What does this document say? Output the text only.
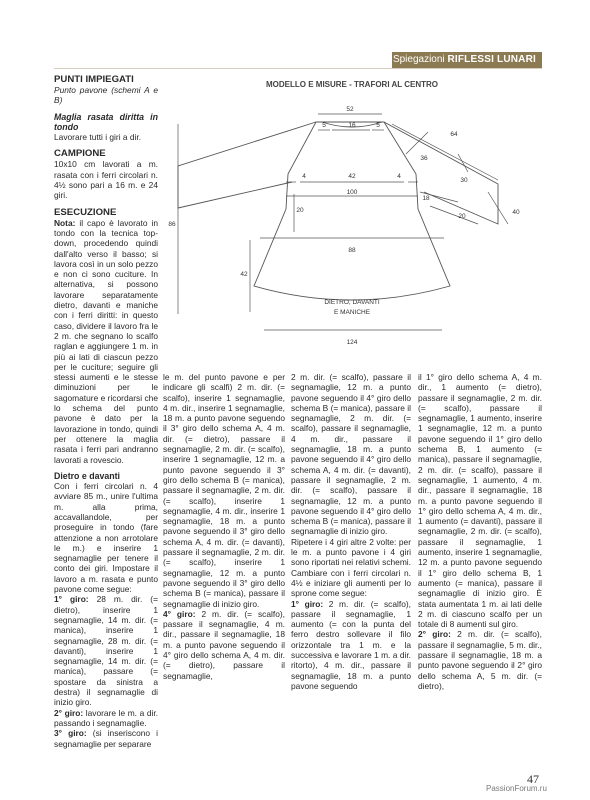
Spiegazioni RIFLESSI LUNARI

PUNTI IMPIEGATI

Punto pavone (schemi A e B)

Maglia rasata diritta in tondo

Lavorare tutti i giri a dir.

CAMPIONE

10x10 cm lavorati a m. rasata con i ferri circolari n. 4½ sono pari a 16 m. e 24 giri.

ESECUZIONE

Nota: il capo è lavorato in tondo con la tecnica top-down, procedendo quindi dall'alto verso il basso; si lavora così in un solo pezzo e non ci sono cuciture. In alternativa, si possono lavorare separatamente dietro, davanti e maniche con i ferri diritti: in questo caso, dividere il lavoro fra le 2 m. che segnano lo scalfo raglan e aggiungere 1 m. in più ai lati di ciascun pezzo per le cuciture; seguire gli stessi aumenti e le stesse diminuzioni per le sagomature e ricordarsi che lo schema del punto pavone è dato per la lavorazione in tondo, quindi per ottenere la maglia rasata i ferri pari andranno lavorati a rovescio.

Dietro e davanti

Con i ferri circolari n. 4 avviare 85 m., unire l'ultima m. alla prima, accavallandole, per proseguire in tondo (fare attenzione a non arrotolare le m.) e inserire 1 segnamaglie per tenere il conto dei giri. Impostare il lavoro a m. rasata e punto pavone come segue:

1° giro: 28 m. dir. (= dietro), inserire 1 segnamaglie, 14 m. dir. (= manica), inserire 1 segnamaglie, 28 m. dir. (= davanti), inserire 1 segnamaglie, 14 m. dir. (= manica), passare (= spostare da sinistra a destra) il segnamaglie di inizio giro.

2° giro: lavorare le m. a dir. passando i segnamaglie.

3° giro: (si inseriscono i segnamaglie per separare

MODELLO E MISURE - TRAFORI AL CENTRO
52
5	16	5
64
36
4	42	4
30
100
18
20
20
40
86
88
42
124
DIETRO, DAVANTI
E MANICHE

le m. del punto pavone e per indicare gli scalfi) 2 m. dir. (= scalfo), inserire 1 segnamaglie, 4 m. dir., inserire 1 segnamaglie, 18 m. a punto pavone seguendo il 3° giro dello schema A, 4 m. dir. (= dietro), passare il segnamaglie, 2 m. dir. (= scalfo), inserire 1 segnamaglie, 12 m. a punto pavone seguendo il 3° giro dello schema B (= manica), passare il segnamaglie, 2 m. dir. (= scalfo), inserire 1 segnamaglie, 4 m. dir., inserire 1 segnamaglie, 18 m. a punto pavone seguendo il 3° giro dello schema A, 4 m. dir. (= davanti), passare il segnamaglie, 2 m. dir. (= scalfo), inserire 1 segnamaglie, 12 m. a punto pavone seguendo il 3° giro dello schema B (= manica), passare il segnamaglie di inizio giro.

4° giro: 2 m. dir. (= scalfo), passare il segnamaglie, 4 m. dir., passare il segnamaglie, 18 m. a punto pavone seguendo il 4° giro dello schema A, 4 m. dir. (= dietro), passare il segnamaglie,

2 m. dir. (= scalfo), passare il segnamaglie, 12 m. a punto pavone seguendo il 4° giro dello schema B (= manica), passare il segnamaglie, 2 m. dir. (= scalfo), passare il segnamaglie, 4 m. dir., passare il segnamaglie, 18 m. a punto pavone seguendo il 4° giro dello schema A, 4 m. dir. (= davanti), passare il segnamaglie, 2 m. dir. (= scalfo), passare il segnamaglie, 12 m. a punto pavone seguendo il 4° giro dello schema B (= manica), passare il segnamaglie di inizio giro.

Ripetere i 4 giri altre 2 volte: per le m. a punto pavone i 4 giri sono riportati nei relativi schemi. Cambiare con i ferri circolari n. 4½ e iniziare gli aumenti per lo sprone come segue:

1° giro: 2 m. dir. (= scalfo), passare il segnamaglie, 1 aumento (= con la punta del ferro destro sollevare il filo orizzontale tra 1 m. e la successiva e lavorare 1 m. a dir. ritorto), 4 m. dir., passare il segnamaglie, 18 m. a punto pavone seguendo

il 1° giro dello schema A, 4 m. dir., 1 aumento (= dietro), passare il segnamaglie, 2 m. dir. (= scalfo), passare il segnamaglie, 1 aumento, inserire 1 segnamaglie, 12 m. a punto pavone seguendo il 1° giro dello schema B, 1 aumento (= manica), passare il segnamaglie, 2 m. dir. (= scalfo), passare il segnamaglie, 1 aumento, 4 m. dir., passare il segnamaglie, 18 m. a punto pavone seguendo il 1° giro dello schema A, 4 m. dir., 1 aumento (= davanti), passare il segnamaglie, 2 m. dir. (= scalfo), passare il segnamaglie, 1 aumento, inserire 1 segnamaglie, 12 m. a punto pavone seguendo il 1° giro dello schema B, 1 aumento (= manica), passare il segnamaglie di inizio giro. È stata aumentata 1 m. ai lati delle 2 m. di ciascuno scalfo per un totale di 8 aumenti sul giro.

2° giro: 2 m. dir. (= scalfo), passare il segnamaglie, 5 m. dir., passare il segnamaglie, 18 m. a punto pavone seguendo il 2° giro dello schema A, 5 m. dir. (= dietro),

47
PassionForum.ru
